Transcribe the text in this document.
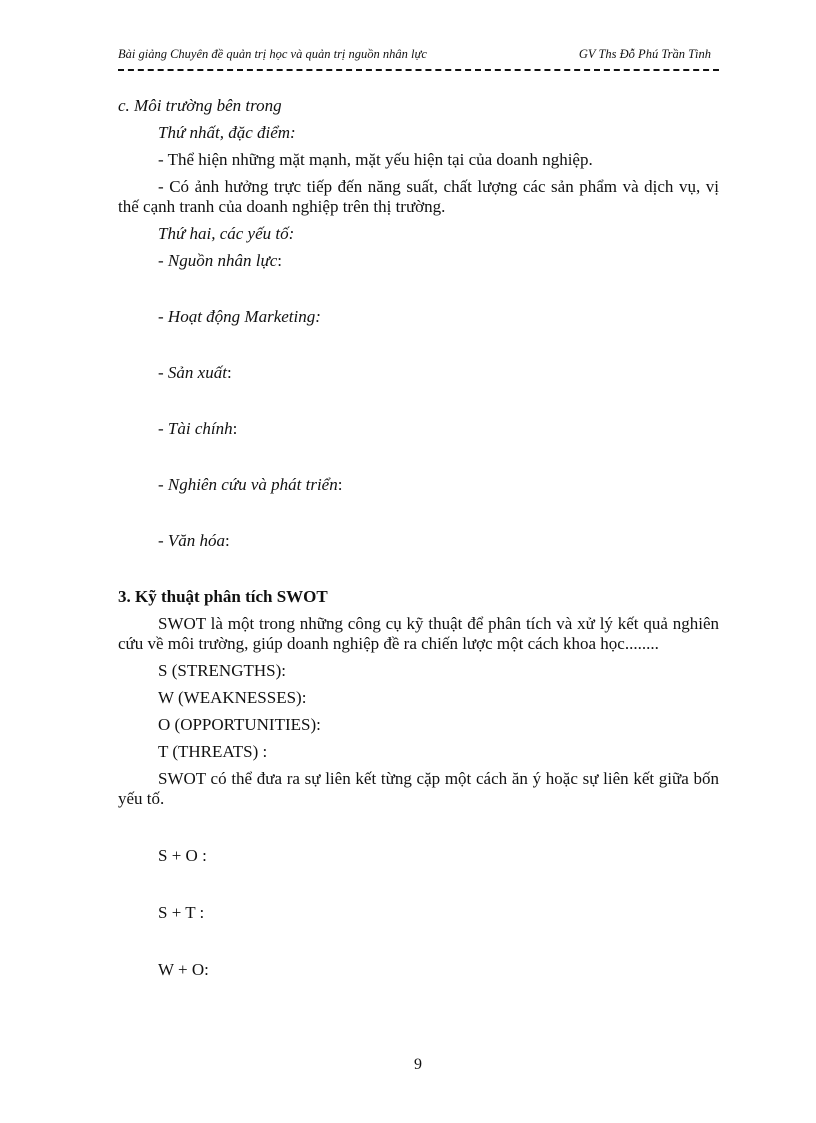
Bài giảng Chuyên đề quản trị học và quản trị nguồn nhân lực	GV Ths Đỗ Phú Trần Tình

c. Môi trường bên trong

Thứ nhất, đặc điểm:

- Thể hiện những mặt mạnh, mặt yếu hiện tại của doanh nghiệp.

- Có ảnh hưởng trực tiếp đến năng suất, chất lượng các sản phẩm và dịch vụ, vị thế cạnh tranh của doanh nghiệp trên thị trường.

Thứ hai, các yếu tố:

- Nguồn nhân lực:

- Hoạt động Marketing:

- Sản xuất:

- Tài chính:

- Nghiên cứu và phát triển:

- Văn hóa:

3. Kỹ thuật phân tích SWOT

SWOT là một trong những công cụ kỹ thuật để phân tích và xử lý kết quả nghiên cứu về môi trường, giúp doanh nghiệp đề ra chiến lược một cách khoa học........

S (STRENGTHS):

W (WEAKNESSES):

O (OPPORTUNITIES):

T (THREATS) :

SWOT có thể đưa ra sự liên kết từng cặp một cách ăn ý hoặc sự liên kết giữa bốn yếu tố.

S + O :

S + T :

W + O:

9
